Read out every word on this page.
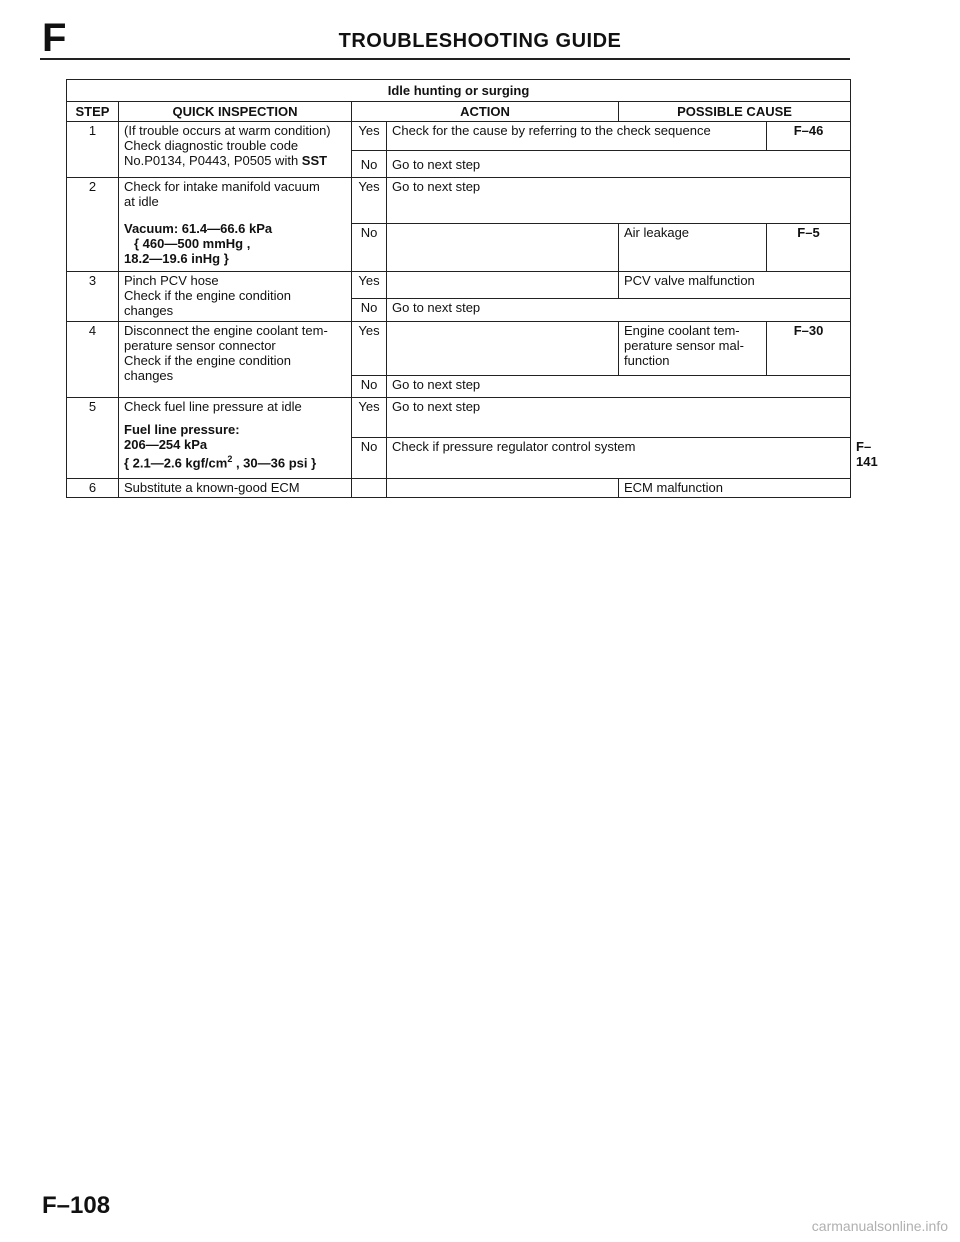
F	TROUBLESHOOTING GUIDE
Idle hunting or surging						
STEP	QUICK INSPECTION	ACTION		POSSIBLE CAUSE		
1	(If trouble occurs at warm condition)
Check diagnostic trouble code
No.P0134, P0443, P0505 with SST	Yes	Check for the cause by referring to the check sequence		F–46	
		No	Go to next step			
2	Check for intake manifold vacuum
at idle
Vacuum: 61.4—66.6 kPa
{ 460—500 mmHg ,
18.2—19.6 inHg }	Yes	Go to next step			
		No		Air leakage	F–5	
3	Pinch PCV hose
Check if the engine condition
changes	Yes		PCV valve malfunction		
		No	Go to next step			
4	Disconnect the engine coolant tem-
perature sensor connector
Check if the engine condition
changes	Yes		Engine coolant tem-
perature sensor mal-
function	F–30	
		No	Go to next step			
5	Check fuel line pressure at idle
Fuel line pressure:
206—254 kPa
{ 2.1—2.6 kgf/$cm^2$ , 30—36 psi }	Yes	Go to next step			
		No	Check if pressure regulator control system			F–141
6	Substitute a known-good ECM			ECM malfunction		
F–108
carmanualsonline.info
